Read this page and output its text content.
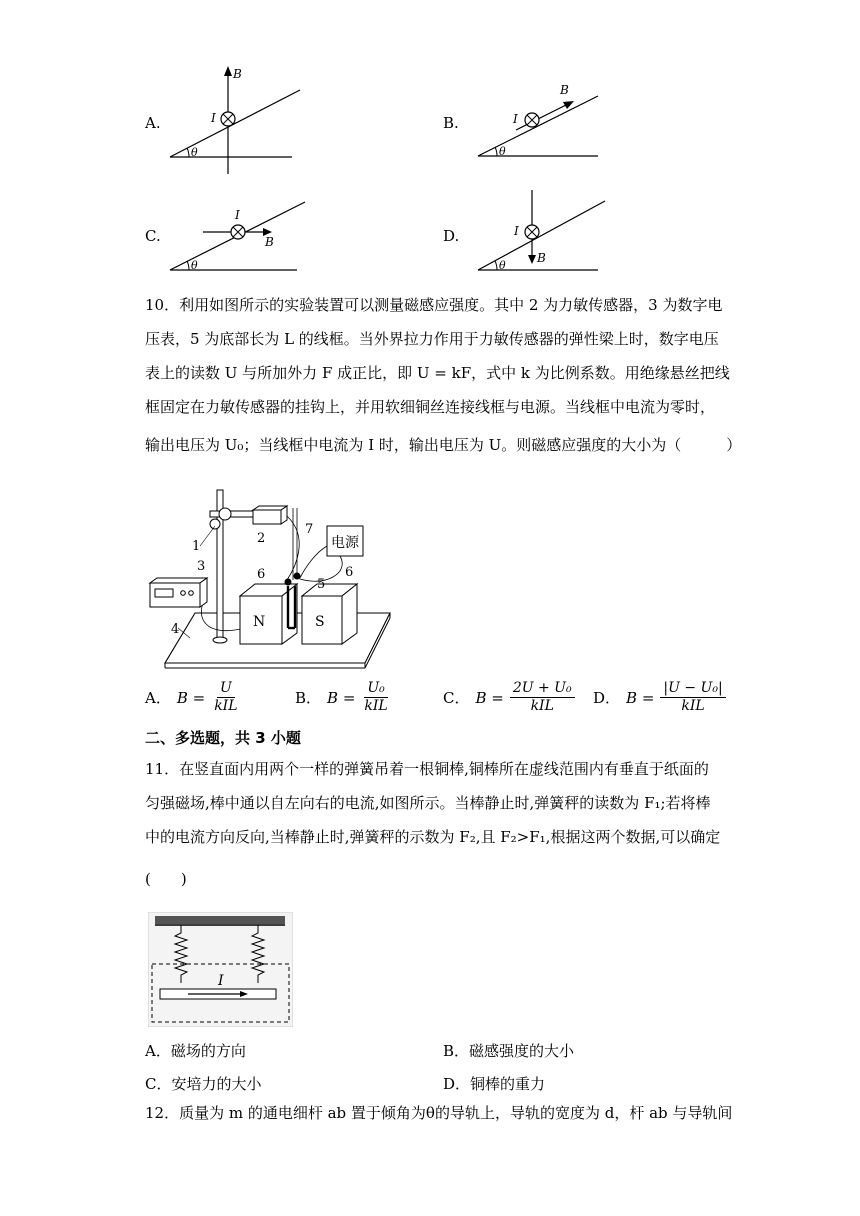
A.
θ
B
I	B.
θ
B
I
C.
θ
B
I
D.
θ
B
I
10．利用如图所示的实验装置可以测量磁感应强度。其中 2 为力敏传感器，3 为数字电
压表，5 为底部长为 L 的线框。当外界拉力作用于力敏传感器的弹性梁上时，数字电压
表上的读数 U 与所加外力 F 成正比，即 U = kF，式中 k 为比例系数。用绝缘悬丝把线
框固定在力敏传感器的挂钩上，并用软细铜丝连接线框与电源。当线框中电流为零时，
输出电压为 U₀；当线框中电流为 I 时，输出电压为 U。则磁感应强度的大小为（　　　）
电源
N	S
1
2
3
4
5
6	6
7
A． $B = \frac{U}{\text{kIL}}$	B． $B = \frac{\text{U₀}}{\text{kIL}}$	C． $B = \frac{\text{2U + U₀}}{\text{kIL}}$ D． $B = \frac{\text{|U − U₀|}}{\text{kIL}}$
二、多选题，共 3 小题
11．在竖直面内用两个一样的弹簧吊着一根铜棒,铜棒所在虚线范围内有垂直于纸面的
匀强磁场,棒中通以自左向右的电流,如图所示。当棒静止时,弹簧秤的读数为 F₁;若将棒
中的电流方向反向,当棒静止时,弹簧秤的示数为 F₂,且 F₂>F₁,根据这两个数据,可以确定
(　　)
I
A．磁场的方向	B．磁感强度的大小
C．安培力的大小	D．铜棒的重力
12．质量为 m 的通电细杆 ab 置于倾角为θ的导轨上，导轨的宽度为 d，杆 ab 与导轨间
